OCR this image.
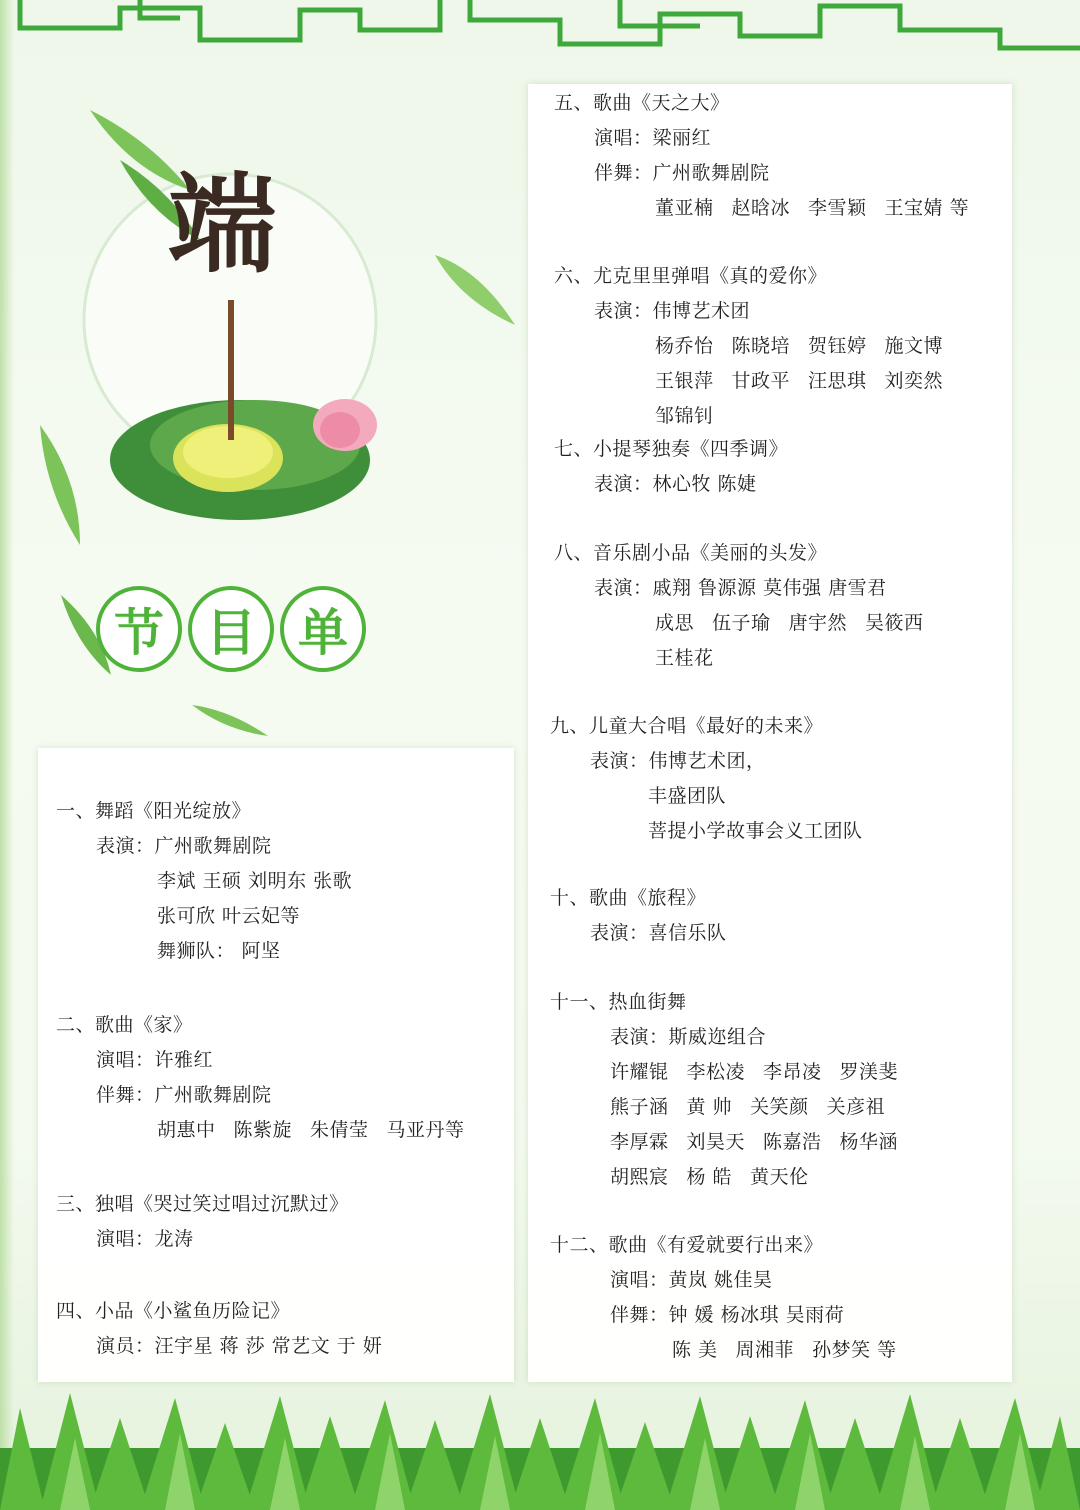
端
节 目 单
一、舞蹈《阳光绽放》
表演：广州歌舞剧院
李斌 王硕 刘明东 张歌
张可欣 叶云妃等
舞狮队： 阿坚
二、歌曲《家》
演唱：许雅红
伴舞：广州歌舞剧院
胡惠中 陈紫旋 朱倩莹 马亚丹等
三、独唱《哭过笑过唱过沉默过》
演唱：龙涛
四、小品《小鲨鱼历险记》
演员：汪宇星 蒋 莎 常艺文 于 妍
五、歌曲《天之大》
演唱：梁丽红
伴舞：广州歌舞剧院
董亚楠 赵晗冰 李雪颖 王宝婧 等
六、尤克里里弹唱《真的爱你》
表演：伟博艺术团
杨乔怡 陈晓培 贺钰婷 施文博
王银萍 甘政平 汪思琪 刘奕然
邹锦钊
七、小提琴独奏《四季调》
表演：林心牧 陈婕
八、音乐剧小品《美丽的头发》
表演：戚翔 鲁源源 莫伟强 唐雪君
成思 伍子瑜 唐宇然 吴筱西
王桂花
九、儿童大合唱《最好的未来》
表演：伟博艺术团，
丰盛团队
菩提小学故事会义工团队
十、歌曲《旅程》
表演：喜信乐队
十一、热血街舞
表演：斯威迩组合
许耀锟 李松凌 李昂凌 罗渼斐
熊子涵 黄 帅 关笑颜 关彦祖
李厚霖 刘昊天 陈嘉浩 杨华涵
胡熙宸 杨 皓 黄天伦
十二、歌曲《有爱就要行出来》
演唱：黄岚 姚佳昊
伴舞：钟 媛 杨冰琪 吴雨荷
陈 美 周湘菲 孙梦笑 等
